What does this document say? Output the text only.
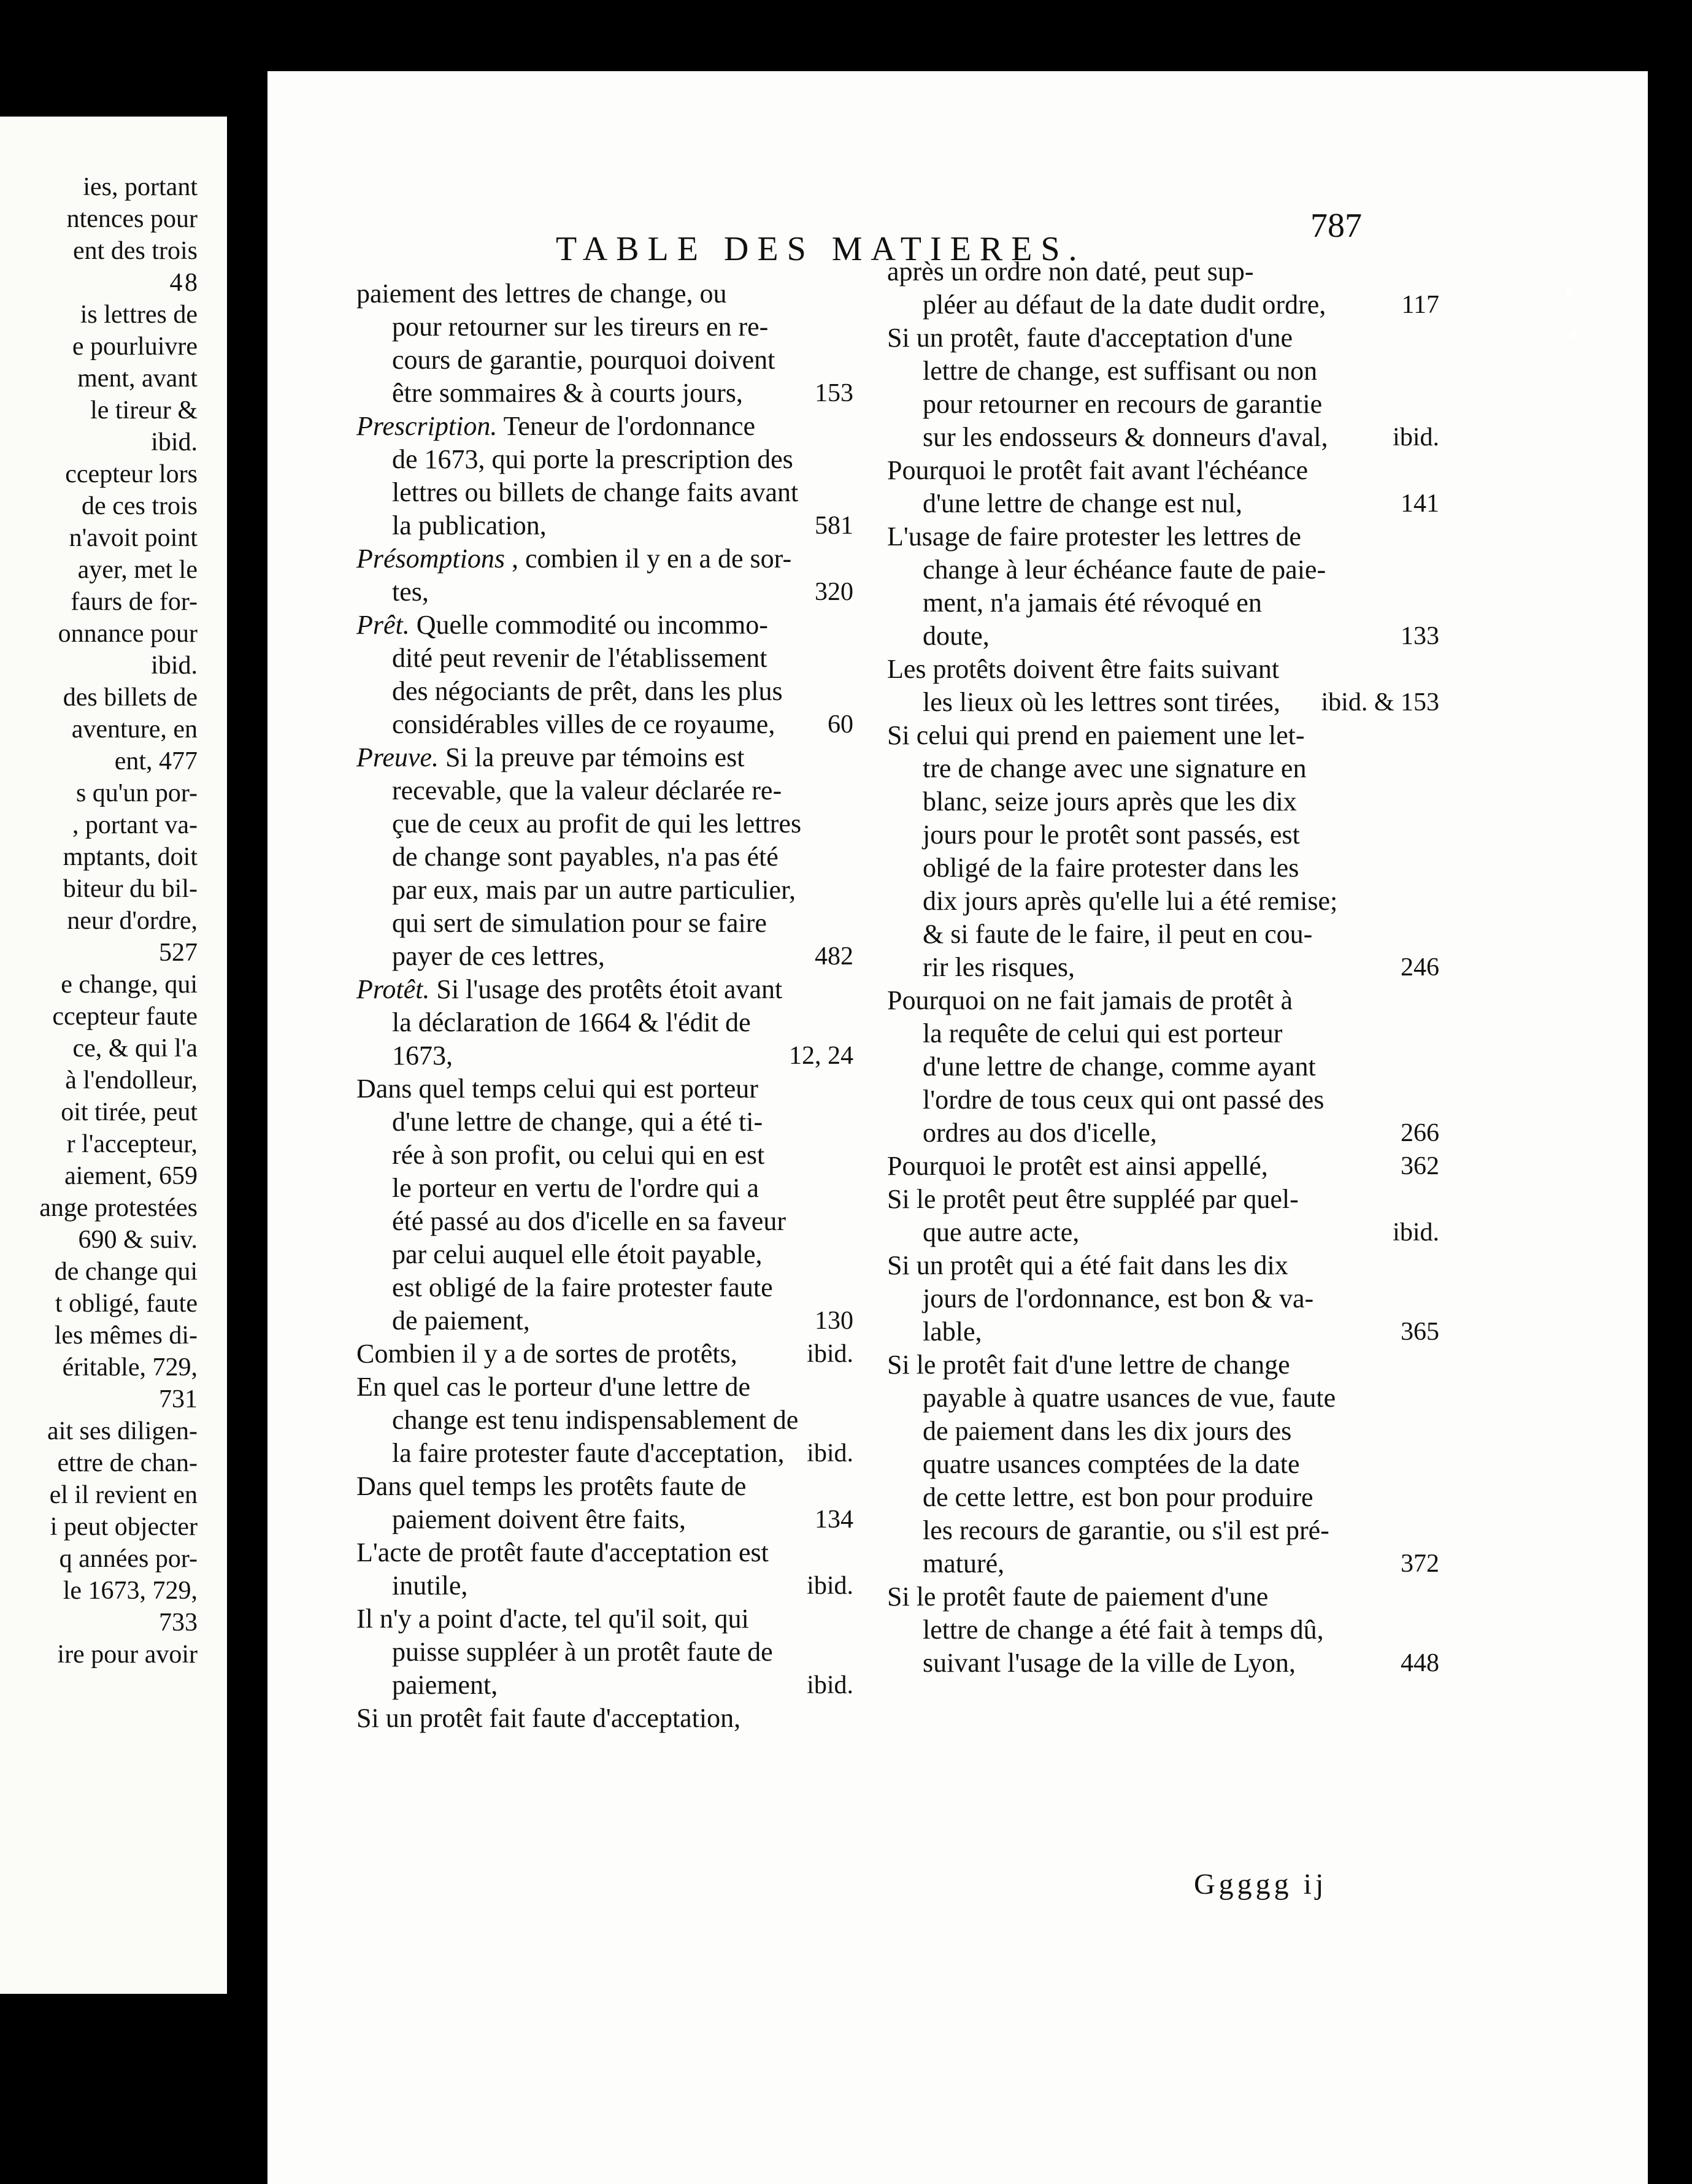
ies, portant
ntences pour
ent des trois
4 8
is lettres de
e pourluivre
ment, avant
le tireur &
ibid.
ccepteur lors
de ces trois
n'avoit point
ayer, met le
faurs de for-
onnance pour
ibid.
des billets de
aventure, en
ent, 477
s qu'un por-
, portant va-
mptants, doit
biteur du bil-
neur d'ordre,
527
e change, qui
ccepteur faute
ce, & qui l'a
à l'endolleur,
oit tirée, peut
r l'accepteur,
aiement, 659
ange protestées
690 & suiv.
de change qui
t obligé, faute
les mêmes di-
éritable, 729,
731
ait ses diligen-
ettre de chan-
el il revient en
i peut objecter
q années por-
le 1673, 729,
733
ire pour avoir
TABLE DES MATIERES.
787
paiement des lettres de change, ou
pour retourner sur les tireurs en re-
cours de garantie, pourquoi doivent
être sommaires & à courts jours,	153
Prescription. Teneur de l'ordonnance
de 1673, qui porte la prescription des
lettres ou billets de change faits avant
la publication,	581
Présomptions , combien il y en a de sor-
tes,	320
Prêt. Quelle commodité ou incommo-
dité peut revenir de l'établissement
des négociants de prêt, dans les plus
considérables villes de ce royaume, 60
Preuve. Si la preuve par témoins est
recevable, que la valeur déclarée re-
çue de ceux au profit de qui les lettres
de change sont payables, n'a pas été
par eux, mais par un autre particulier,
qui sert de simulation pour se faire
payer de ces lettres,	482
Protêt. Si l'usage des protêts étoit avant
la déclaration de 1664 & l'édit de
1673,	12, 24
Dans quel temps celui qui est porteur
d'une lettre de change, qui a été ti-
rée à son profit, ou celui qui en est
le porteur en vertu de l'ordre qui a
été passé au dos d'icelle en sa faveur
par celui auquel elle étoit payable,
est obligé de la faire protester faute
de paiement,	130
Combien il y a de sortes de protêts,	ibid.
En quel cas le porteur d'une lettre de
change est tenu indispensablement de
la faire protester faute d'acceptation, ibid.
Dans quel temps les protêts faute de
paiement doivent être faits,	134
L'acte de protêt faute d'acceptation est
inutile,	ibid.
Il n'y a point d'acte, tel qu'il soit, qui
puisse suppléer à un protêt faute de
paiement,	ibid.
Si un protêt fait faute d'acceptation,
après un ordre non daté, peut sup-
pléer au défaut de la date dudit ordre,	117
Si un protêt, faute d'acceptation d'une
lettre de change, est suffisant ou non
pour retourner en recours de garantie
sur les endosseurs & donneurs d'aval,	ibid.
Pourquoi le protêt fait avant l'échéance
d'une lettre de change est nul,	141
L'usage de faire protester les lettres de
change à leur échéance faute de paie-
ment, n'a jamais été révoqué en
doute,	133
Les protêts doivent être faits suivant
les lieux où les lettres sont tirées, ibid. & 153
Si celui qui prend en paiement une let-
tre de change avec une signature en
blanc, seize jours après que les dix
jours pour le protêt sont passés, est
obligé de la faire protester dans les
dix jours après qu'elle lui a été remise;
& si faute de le faire, il peut en cou-
rir les risques,	246
Pourquoi on ne fait jamais de protêt à
la requête de celui qui est porteur
d'une lettre de change, comme ayant
l'ordre de tous ceux qui ont passé des
ordres au dos d'icelle,	266
Pourquoi le protêt est ainsi appellé,	362
Si le protêt peut être suppléé par quel-
que autre acte,	ibid.
Si un protêt qui a été fait dans les dix
jours de l'ordonnance, est bon & va-
lable,	365
Si le protêt fait d'une lettre de change
payable à quatre usances de vue, faute
de paiement dans les dix jours des
quatre usances comptées de la date
de cette lettre, est bon pour produire
les recours de garantie, ou s'il est pré-
maturé,	372
Si le protêt faute de paiement d'une
lettre de change a été fait à temps dû,
suivant l'usage de la ville de Lyon,	448
Ggggg ij
